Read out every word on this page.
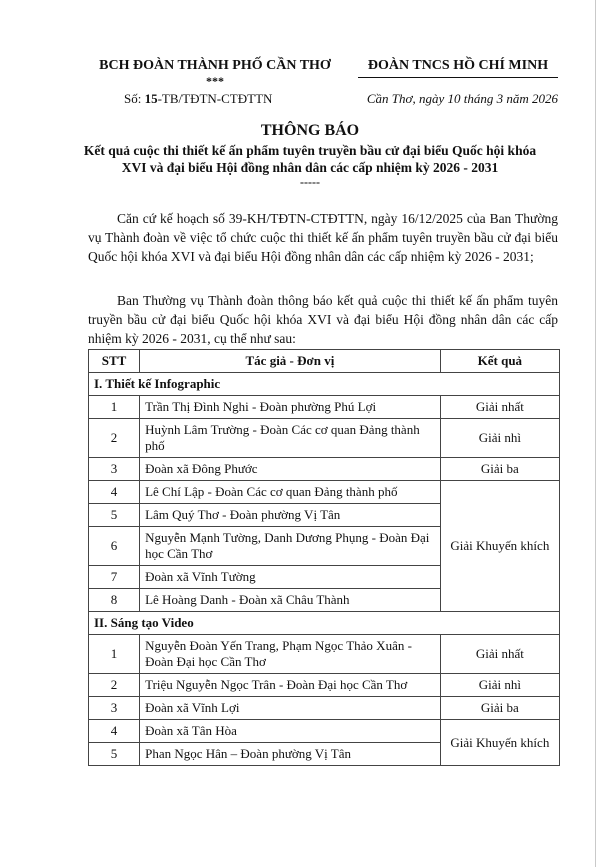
BCH ĐOÀN THÀNH PHỐ CẦN THƠ
***
Số: 15-TB/TĐTN-CTĐTTN
ĐOÀN TNCS HỒ CHÍ MINH
Cần Thơ, ngày 10 tháng 3 năm 2026
THÔNG BÁO
Kết quả cuộc thi thiết kế ấn phẩm tuyên truyền bầu cử đại biểu Quốc hội khóa XVI và đại biểu Hội đồng nhân dân các cấp nhiệm kỳ 2026 - 2031
-----
Căn cứ kế hoạch số 39-KH/TĐTN-CTĐTTN, ngày 16/12/2025 của Ban Thường vụ Thành đoàn về việc tổ chức cuộc thi thiết kế ấn phẩm tuyên truyền bầu cử đại biểu Quốc hội khóa XVI và đại biểu Hội đồng nhân dân các cấp nhiệm kỳ 2026 - 2031;
Ban Thường vụ Thành đoàn thông báo kết quả cuộc thi thiết kế ấn phẩm tuyên truyền bầu cử đại biểu Quốc hội khóa XVI và đại biểu Hội đồng nhân dân các cấp nhiệm kỳ 2026 - 2031, cụ thể như sau:
STT	Tác giả - Đơn vị	Kết quả
I. Thiết kế Infographic		
1	Trần Thị Đình Nghi - Đoàn phường Phú Lợi	Giải nhất
2	Huỳnh Lâm Trường - Đoàn Các cơ quan Đảng thành phố	Giải nhì
3	Đoàn xã Đông Phước	Giải ba
4	Lê Chí Lập - Đoàn Các cơ quan Đảng thành phố	Giải Khuyến khích
5	Lâm Quý Thơ - Đoàn phường Vị Tân	
6	Nguyễn Mạnh Tường, Danh Dương Phụng - Đoàn Đại học Cần Thơ	
7	Đoàn xã Vĩnh Tường	
8	Lê Hoàng Danh - Đoàn xã Châu Thành	
II. Sáng tạo Video		
1	Nguyễn Đoàn Yến Trang, Phạm Ngọc Thảo Xuân - Đoàn Đại học Cần Thơ	Giải nhất
2	Triệu Nguyễn Ngọc Trân - Đoàn Đại học Cần Thơ	Giải nhì
3	Đoàn xã Vĩnh Lợi	Giải ba
4	Đoàn xã Tân Hòa	Giải Khuyến khích
5	Phan Ngọc Hân – Đoàn phường Vị Tân	
